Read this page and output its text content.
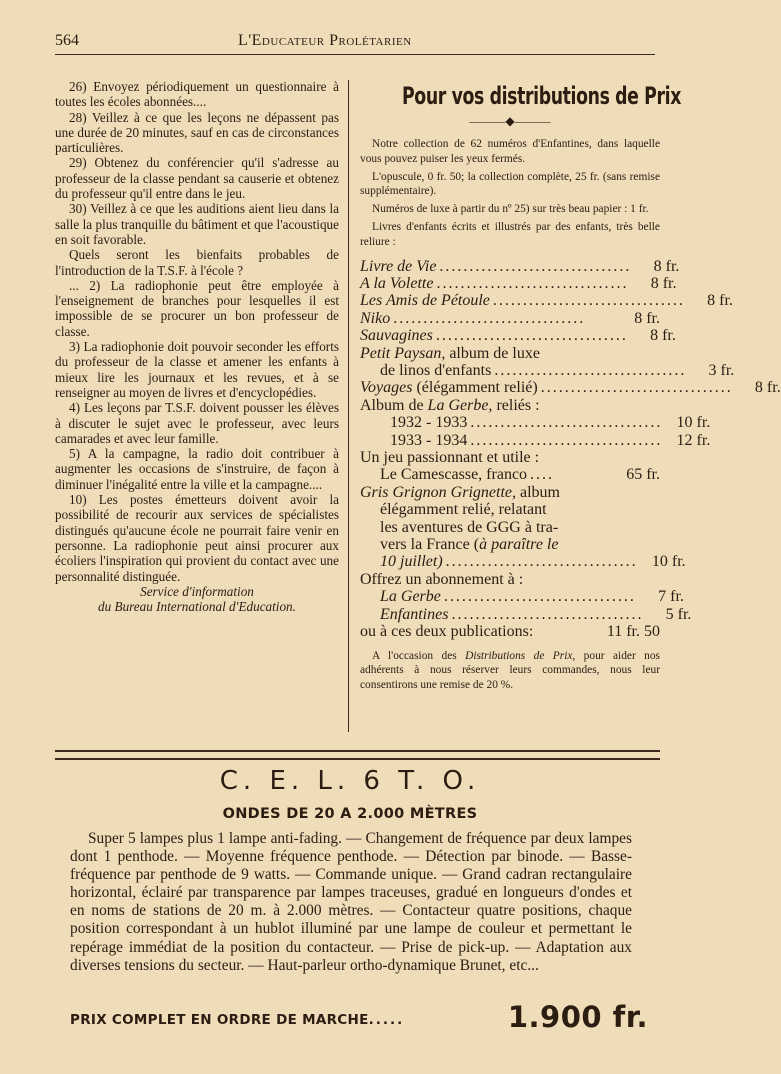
564	L'Educateur Prolétarien

26) Envoyez périodiquement un questionnaire à toutes les écoles abonnées....

28) Veillez à ce que les leçons ne dépassent pas une durée de 20 minutes, sauf en cas de circonstances particulières.

29) Obtenez du conférencier qu'il s'adresse au professeur de la classe pendant sa causerie et obtenez du professeur qu'il entre dans le jeu.

30) Veillez à ce que les auditions aient lieu dans la salle la plus tranquille du bâtiment et que l'acoustique en soit favorable.

Quels seront les bienfaits probables de l'introduction de la T.S.F. à l'école ?

... 2) La radiophonie peut être employée à l'enseignement de branches pour lesquelles il est impossible de se procurer un bon professeur de classe.

3) La radiophonie doit pouvoir seconder les efforts du professeur de la classe et amener les enfants à mieux lire les journaux et les revues, et à se renseigner au moyen de livres et d'encyclopédies.

4) Les leçons par T.S.F. doivent pousser les élèves à discuter le sujet avec le professeur, avec leurs camarades et avec leur famille.

5) A la campagne, la radio doit contribuer à augmenter les occasions de s'instruire, de façon à diminuer l'inégalité entre la ville et la campagne....

10) Les postes émetteurs doivent avoir la possibilité de recourir aux services de spécialistes distingués qu'aucune école ne pourrait faire venir en personne. La radiophonie peut ainsi procurer aux écoliers l'inspiration qui provient du contact avec une personnalité distinguée.

Service d'information

du Bureau International d'Education.

Pour vos distributions de Prix
———◆———

Notre collection de 62 numéros d'Enfantines, dans laquelle vous pouvez puiser les yeux fermés.

L'opuscule, 0 fr. 50; la collection complète, 25 fr. (sans remise supplémentaire).

Numéros de luxe à partir du nº 25) sur très beau papier : 1 fr.

Livres d'enfants écrits et illustrés par des enfants, très belle reliure :

Livre de Vie ................................	8 fr.
A la Volette ................................	8 fr.
Les Amis de Pétoule ................................	8 fr.
Niko ................................	8 fr.
Sauvagines ................................	8 fr.
Petit Paysan, album de luxe
de linos d'enfants ................................	3 fr.
Voyages (élégamment relié) ................................	8 fr.
Album de La Gerbe, reliés :
1932 - 1933 ................................ 10 fr.
1933 - 1934 ................................ 12 fr.
Un jeu passionnant et utile :
Le Camescasse, franco ....	65 fr.
Gris Grignon Grignette, album
élégamment relié, relatant
les aventures de GGG à tra-
vers la France (à paraître le
10 juillet) ................................ 10 fr.
Offrez un abonnement à :
La Gerbe ................................	7 fr.
Enfantines ................................	5 fr.
ou à ces deux publications:	11 fr. 50

A l'occasion des Distributions de Prix, pour aider nos adhérents à nous réserver leurs commandes, nous leur consentirons une remise de 20 %.

C. E. L. 6 T. O.
ONDES DE 20 A 2.000 MÈTRES

Super 5 lampes plus 1 lampe anti-fading. — Changement de fréquence par deux lampes dont 1 penthode. — Moyenne fréquence penthode. — Détection par binode. — Basse-fréquence par penthode de 9 watts. — Commande unique. — Grand cadran rectangulaire horizontal, éclairé par transparence par lampes traceuses, gradué en longueurs d'ondes et en noms de stations de 20 m. à 2.000 mètres. — Contacteur quatre positions, chaque position correspondant à un hublot illuminé par une lampe de couleur et permettant le repérage immédiat de la position du contacteur. — Prise de pick-up. — Adaptation aux diverses tensions du secteur. — Haut-parleur ortho-dynamique Brunet, etc...

PRIX COMPLET EN ORDRE DE MARCHE.....	1.900 fr.
